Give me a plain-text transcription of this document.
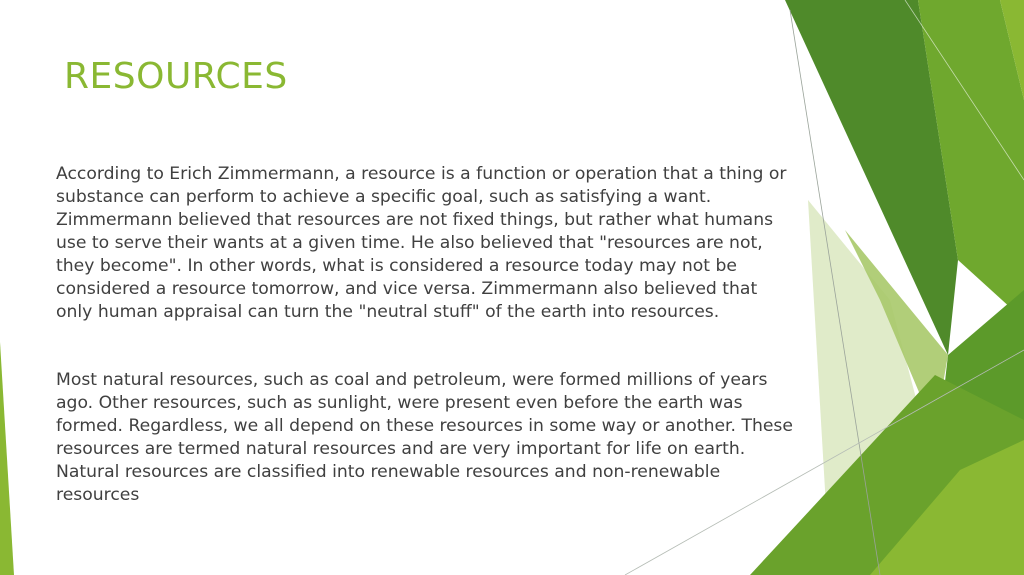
RESOURCES

According to Erich Zimmermann, a resource is a function or operation that a thing or substance can perform to achieve a specific goal, such as satisfying a want. Zimmermann believed that resources are not fixed things, but rather what humans use to serve their wants at a given time. He also believed that "resources are not, they become". In other words, what is considered a resource today may not be considered a resource tomorrow, and vice versa. Zimmermann also believed that only human appraisal can turn the "neutral stuff" of the earth into resources.

Most natural resources, such as coal and petroleum, were formed millions of years ago. Other resources, such as sunlight, were present even before the earth was formed. Regardless, we all depend on these resources in some way or another. These resources are termed natural resources and are very important for life on earth. Natural resources are classified into renewable resources and non-renewable resources
